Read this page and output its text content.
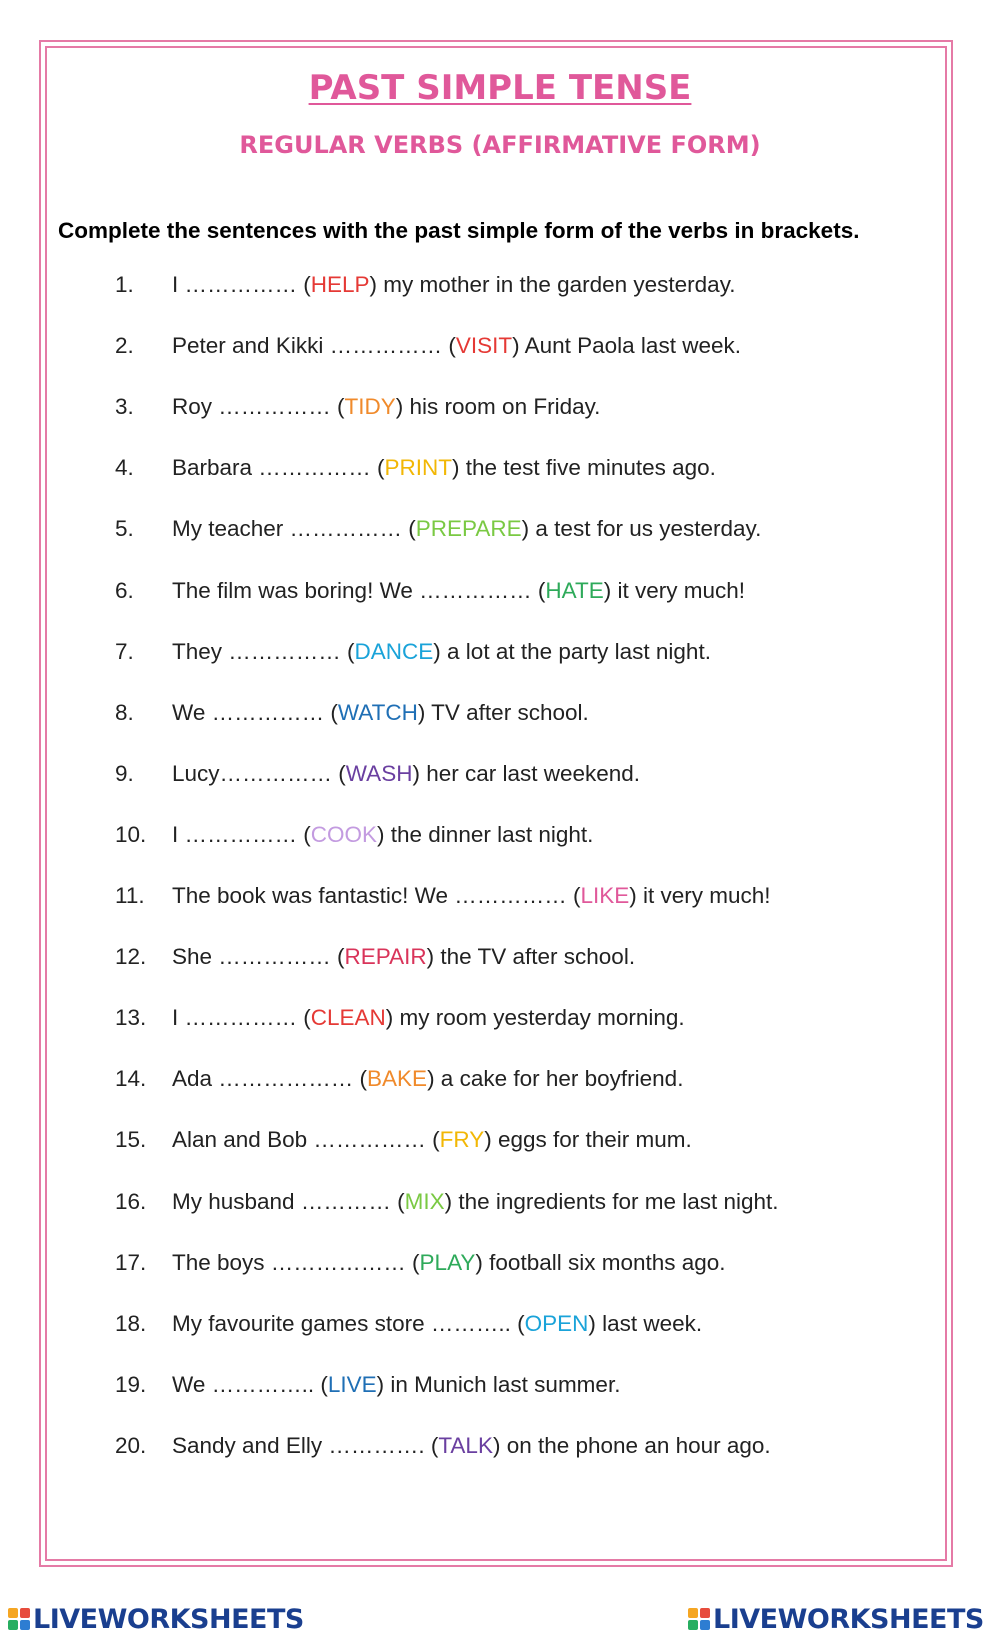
PAST SIMPLE TENSE
REGULAR VERBS (AFFIRMATIVE FORM)
Complete the sentences with the past simple form of the verbs in brackets.
1. I …………… (HELP) my mother in the garden yesterday.
2. Peter and Kikki …………… (VISIT) Aunt Paola last week.
3. Roy …………… (TIDY) his room on Friday.
4. Barbara …………… (PRINT) the test five minutes ago.
5. My teacher …………… (PREPARE) a test for us yesterday.
6. The film was boring! We …………… (HATE) it very much!
7. They …………… (DANCE) a lot at the party last night.
8. We …………… (WATCH) TV after school.
9. Lucy…………… (WASH) her car last weekend.
10. I …………… (COOK) the dinner last night.
11. The book was fantastic! We …………… (LIKE) it very much!
12. She …………… (REPAIR) the TV after school.
13. I …………… (CLEAN) my room yesterday morning.
14. Ada ……………… (BAKE) a cake for her boyfriend.
15. Alan and Bob …………… (FRY) eggs for their mum.
16. My husband ………… (MIX) the ingredients for me last night.
17. The boys ……………… (PLAY) football six months ago.
18. My favourite games store ……….. (OPEN) last week.
19. We ………….. (LIVE) in Munich last summer.
20. Sandy and Elly …………. (TALK) on the phone an hour ago.
LIVEWORKSHEETS	LIVEWORKSHEETS
